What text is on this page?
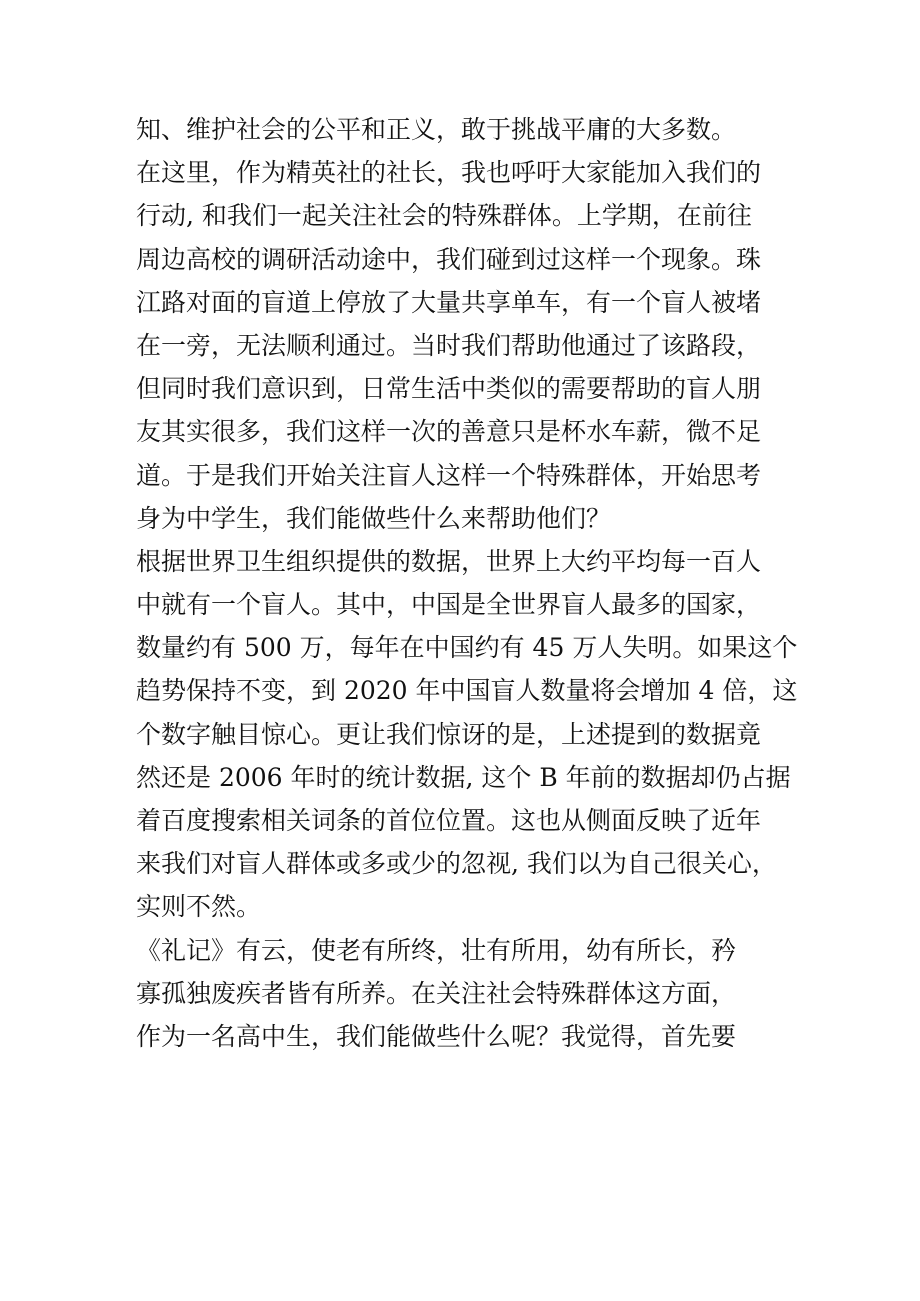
知、维护社会的公平和正义，敢于挑战平庸的大多数。
在这里，作为精英社的社长，我也呼吁大家能加入我们的
行动, 和我们一起关注社会的特殊群体。上学期，在前往
周边高校的调研活动途中，我们碰到过这样一个现象。珠
江路对面的盲道上停放了大量共享单车，有一个盲人被堵
在一旁，无法顺利通过。当时我们帮助他通过了该路段，
但同时我们意识到，日常生活中类似的需要帮助的盲人朋
友其实很多，我们这样一次的善意只是杯水车薪，微不足
道。于是我们开始关注盲人这样一个特殊群体，开始思考
身为中学生，我们能做些什么来帮助他们？
根据世界卫生组织提供的数据，世界上大约平均每一百人
中就有一个盲人。其中，中国是全世界盲人最多的国家，
数量约有 500 万，每年在中国约有 45 万人失明。如果这个
趋势保持不变，到 2020 年中国盲人数量将会增加 4 倍，这
个数字触目惊心。更让我们惊讶的是，上述提到的数据竟
然还是 2006 年时的统计数据, 这个 B 年前的数据却仍占据
着百度搜索相关词条的首位位置。这也从侧面反映了近年
来我们对盲人群体或多或少的忽视, 我们以为自己很关心，
实则不然。
《礼记》有云，使老有所终，壮有所用，幼有所长，矜
寡孤独废疾者皆有所养。在关注社会特殊群体这方面，
作为一名高中生，我们能做些什么呢？我觉得，首先要
